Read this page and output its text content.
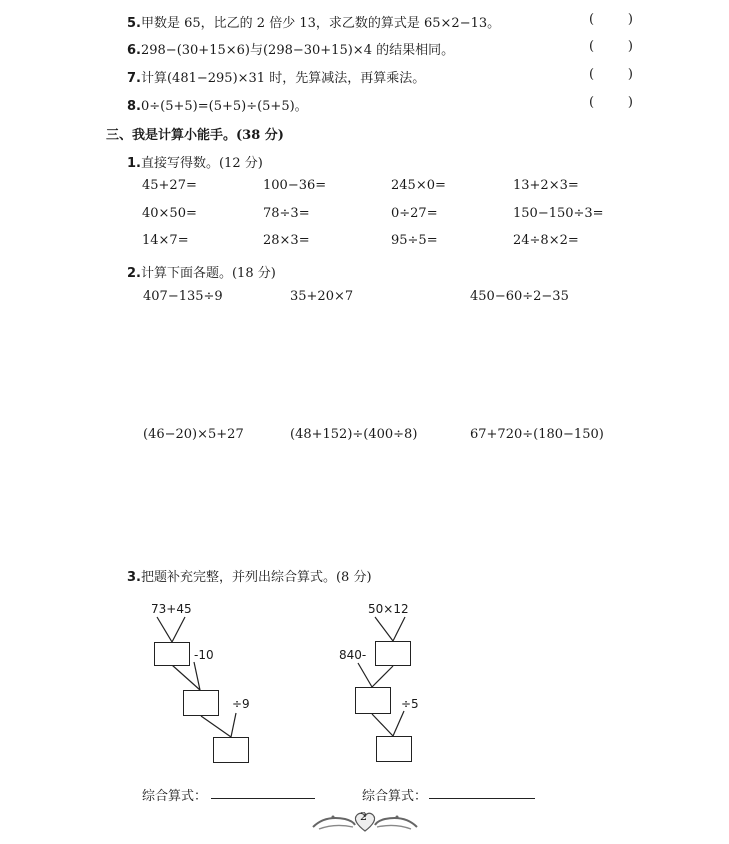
5.甲数是 65，比乙的 2 倍少 13，求乙数的算式是 65×2−13。	(	)
6.298−(30+15×6)与(298−30+15)×4 的结果相同。	(	)
7.计算(481−295)×31 时，先算减法，再算乘法。	(	)
8.0÷(5+5)=(5+5)÷(5+5)。	(	)
三、我是计算小能手。(38 分)
1.直接写得数。(12 分)
45+27=	100−36=	245×0=	13+2×3=
40×50=	78÷3=	0÷27=	150−150÷3=
14×7=	28×3=	95÷5=	24÷8×2=
2.计算下面各题。(18 分)
407−135÷9	35+20×7	450−60÷2−35
(46−20)×5+27	(48+152)÷(400÷8)	67+720÷(180−150)
3.把题补充完整，并列出综合算式。(8 分)
73+45
-10
÷9
50×12
840-
÷5
综合算式：	综合算式：
2
